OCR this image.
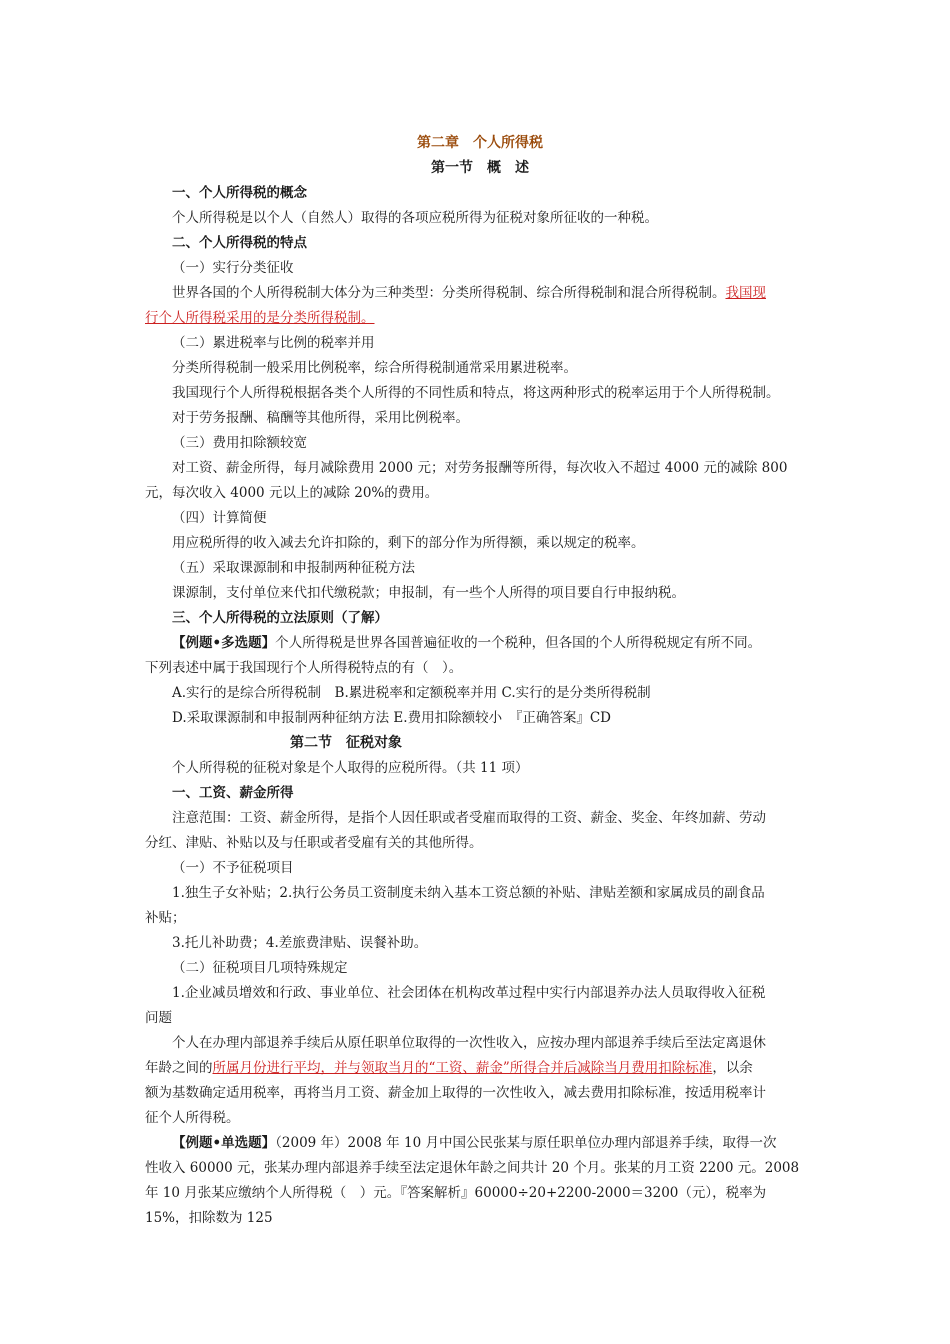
第二章　个人所得税

第一节　概　述

一、个人所得税的概念

个人所得税是以个人（自然人）取得的各项应税所得为征税对象所征收的一种税。

二、个人所得税的特点

（一）实行分类征收

世界各国的个人所得税制大体分为三种类型：分类所得税制、综合所得税制和混合所得税制。我国现

行个人所得税采用的是分类所得税制。

（二）累进税率与比例的税率并用

分类所得税制一般采用比例税率，综合所得税制通常采用累进税率。

我国现行个人所得税根据各类个人所得的不同性质和特点，将这两种形式的税率运用于个人所得税制。

对于劳务报酬、稿酬等其他所得，采用比例税率。

（三）费用扣除额较宽

对工资、薪金所得，每月减除费用 2000 元；对劳务报酬等所得，每次收入不超过 4000 元的减除 800

元，每次收入 4000 元以上的减除 20%的费用。

（四）计算简便

用应税所得的收入减去允许扣除的，剩下的部分作为所得额，乘以规定的税率。

（五）采取课源制和申报制两种征税方法

课源制，支付单位来代扣代缴税款；申报制，有一些个人所得的项目要自行申报纳税。

三、个人所得税的立法原则（了解）

【例题•多选题】个人所得税是世界各国普遍征收的一个税种，但各国的个人所得税规定有所不同。

下列表述中属于我国现行个人所得税特点的有（　）。

A.实行的是综合所得税制　B.累进税率和定额税率并用 C.实行的是分类所得税制

D.采取课源制和申报制两种征纳方法 E.费用扣除额较小　『正确答案』CD

第二节　征税对象

个人所得税的征税对象是个人取得的应税所得。（共 11 项）

一、工资、薪金所得

注意范围：工资、薪金所得，是指个人因任职或者受雇而取得的工资、薪金、奖金、年终加薪、劳动

分红、津贴、补贴以及与任职或者受雇有关的其他所得。

（一）不予征税项目

1.独生子女补贴；2.执行公务员工资制度未纳入基本工资总额的补贴、津贴差额和家属成员的副食品

补贴；

3.托儿补助费；4.差旅费津贴、误餐补助。

（二）征税项目几项特殊规定

1.企业减员增效和行政、事业单位、社会团体在机构改革过程中实行内部退养办法人员取得收入征税

问题

个人在办理内部退养手续后从原任职单位取得的一次性收入，应按办理内部退养手续后至法定离退休

年龄之间的所属月份进行平均，并与领取当月的“工资、薪金”所得合并后减除当月费用扣除标准，以余

额为基数确定适用税率，再将当月工资、薪金加上取得的一次性收入，减去费用扣除标准，按适用税率计

征个人所得税。

【例题•单选题】（2009 年）2008 年 10 月中国公民张某与原任职单位办理内部退养手续，取得一次

性收入 60000 元，张某办理内部退养手续至法定退休年龄之间共计 20 个月。张某的月工资 2200 元。2008

年 10 月张某应缴纳个人所得税（　）元。『答案解析』60000÷20+2200-2000＝3200（元），税率为

15%，扣除数为 125
